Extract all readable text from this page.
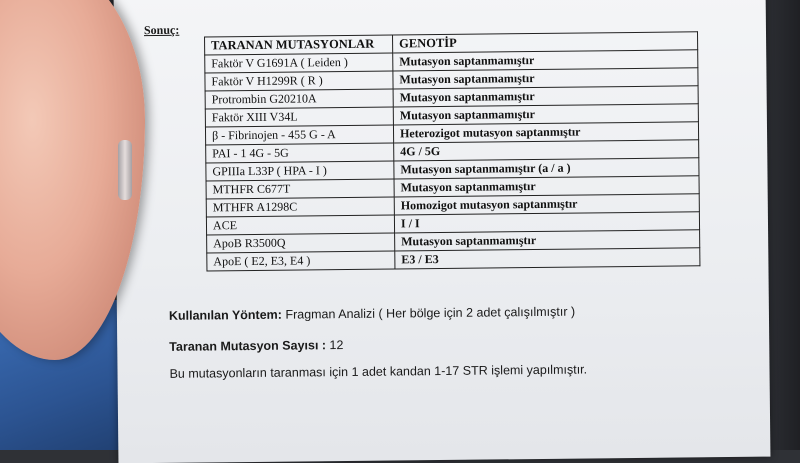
Sonuç:
TARANAN MUTASYONLAR	GENOTİP
Faktör V G1691A ( Leiden )	Mutasyon saptanmamıştır
Faktör V H1299R ( R )	Mutasyon saptanmamıştır
Protrombin G20210A	Mutasyon saptanmamıştır
Faktör XIII V34L	Mutasyon saptanmamıştır
β - Fibrinojen - 455 G - A	Heterozigot mutasyon saptanmıştır
PAI - 1 4G - 5G	4G / 5G
GPIIIa L33P ( HPA - I )	Mutasyon saptanmamıştır (a / a )
MTHFR C677T	Mutasyon saptanmamıştır
MTHFR A1298C	Homozigot mutasyon saptanmıştır
ACE	I / I
ApoB R3500Q	Mutasyon saptanmamıştır
ApoE ( E2, E3, E4 )	E3 / E3
Kullanılan Yöntem: Fragman Analizi ( Her bölge için 2 adet çalışılmıştır )
Taranan Mutasyon Sayısı : 12
Bu mutasyonların taranması için 1 adet kandan 1-17 STR işlemi yapılmıştır.
